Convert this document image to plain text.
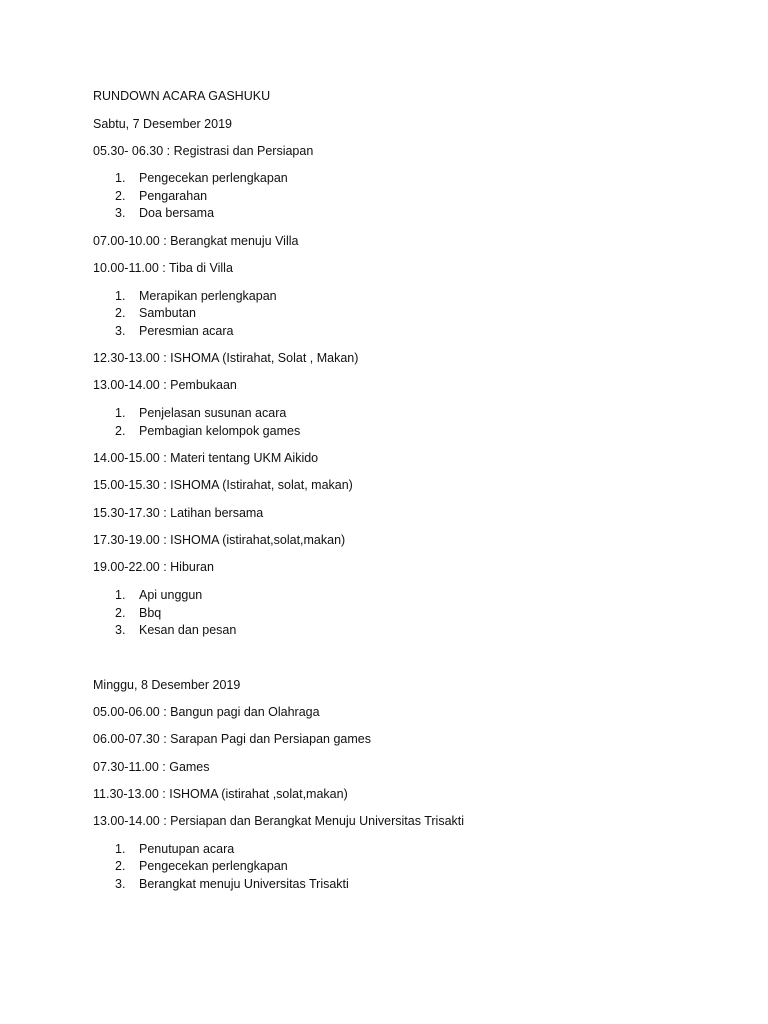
RUNDOWN ACARA GASHUKU
Sabtu, 7 Desember 2019
05.30- 06.30 : Registrasi dan Persiapan
1. Pengecekan perlengkapan
2. Pengarahan
3. Doa bersama
07.00-10.00 : Berangkat menuju Villa
10.00-11.00 : Tiba di Villa
1. Merapikan perlengkapan
2. Sambutan
3. Peresmian acara
12.30-13.00 : ISHOMA (Istirahat, Solat , Makan)
13.00-14.00 : Pembukaan
1. Penjelasan susunan acara
2. Pembagian kelompok games
14.00-15.00 : Materi tentang UKM Aikido
15.00-15.30 : ISHOMA (Istirahat, solat, makan)
15.30-17.30 : Latihan bersama
17.30-19.00 : ISHOMA (istirahat,solat,makan)
19.00-22.00 : Hiburan
1. Api unggun
2. Bbq
3. Kesan dan pesan
Minggu, 8 Desember 2019
05.00-06.00 : Bangun pagi dan Olahraga
06.00-07.30 : Sarapan Pagi dan Persiapan games
07.30-11.00 : Games
11.30-13.00 : ISHOMA (istirahat ,solat,makan)
13.00-14.00 : Persiapan dan Berangkat Menuju Universitas Trisakti
1. Penutupan acara
2. Pengecekan perlengkapan
3. Berangkat menuju Universitas Trisakti
